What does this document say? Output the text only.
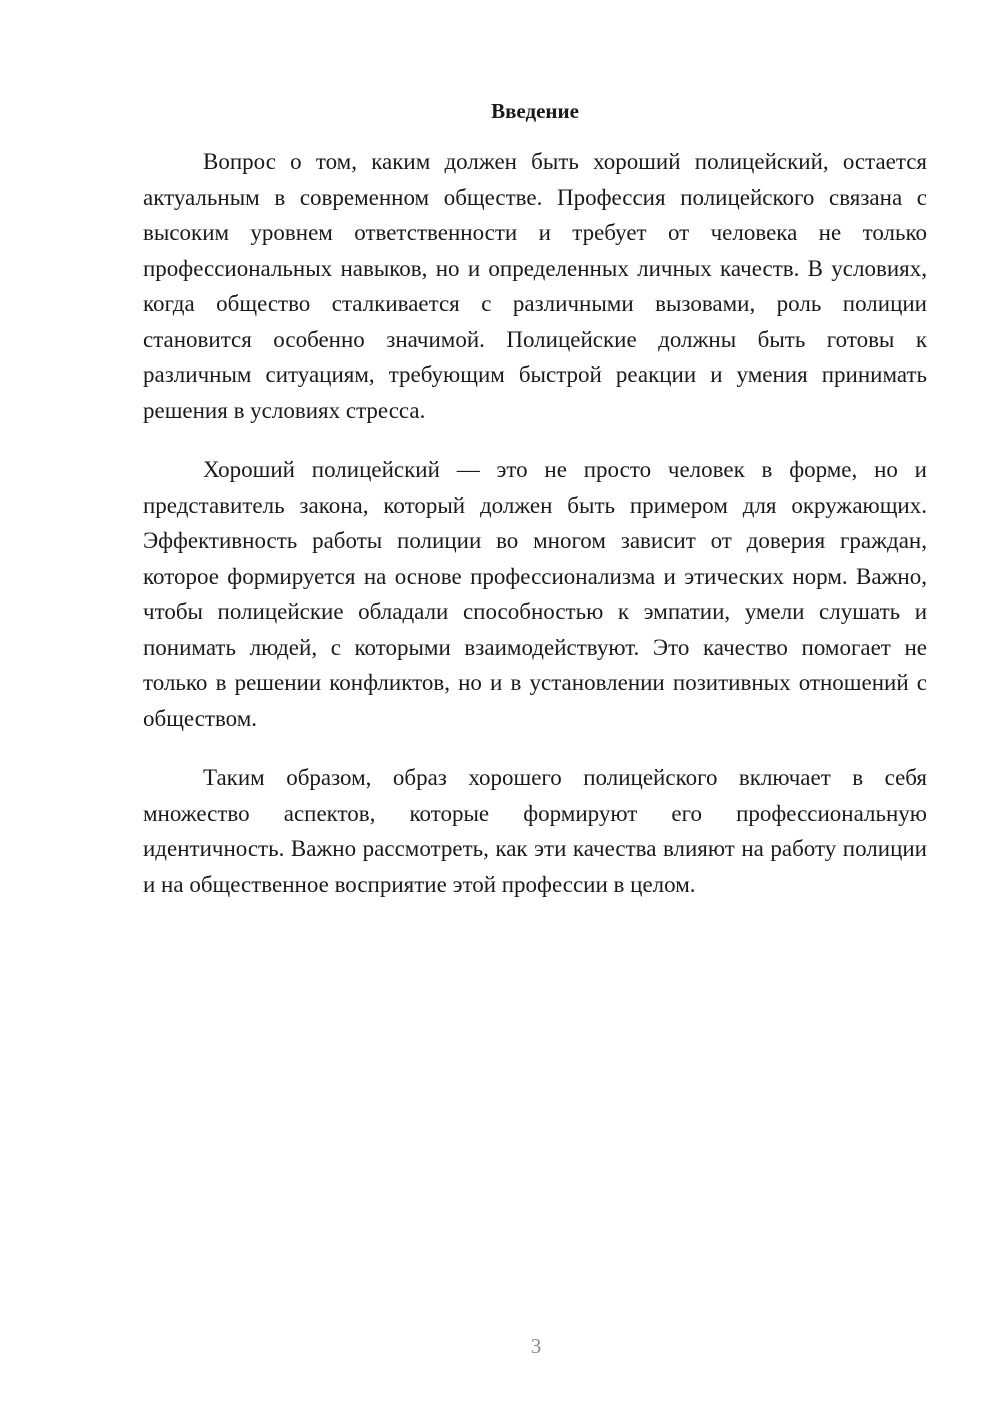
Введение

Вопрос о том, каким должен быть хороший полицейский, остается актуальным в современном обществе. Профессия полицейского связана с высоким уровнем ответственности и требует от человека не только профессиональных навыков, но и определенных личных качеств. В условиях, когда общество сталкивается с различными вызовами, роль полиции становится особенно значимой. Полицейские должны быть готовы к различным ситуациям, требующим быстрой реакции и умения принимать решения в условиях стресса.

Хороший полицейский — это не просто человек в форме, но и представитель закона, который должен быть примером для окружающих. Эффективность работы полиции во многом зависит от доверия граждан, которое формируется на основе профессионализма и этических норм. Важно, чтобы полицейские обладали способностью к эмпатии, умели слушать и понимать людей, с которыми взаимодействуют. Это качество помогает не только в решении конфликтов, но и в установлении позитивных отношений с обществом.

Таким образом, образ хорошего полицейского включает в себя множество аспектов, которые формируют его профессиональную идентичность. Важно рассмотреть, как эти качества влияют на работу полиции и на общественное восприятие этой профессии в целом.

3
